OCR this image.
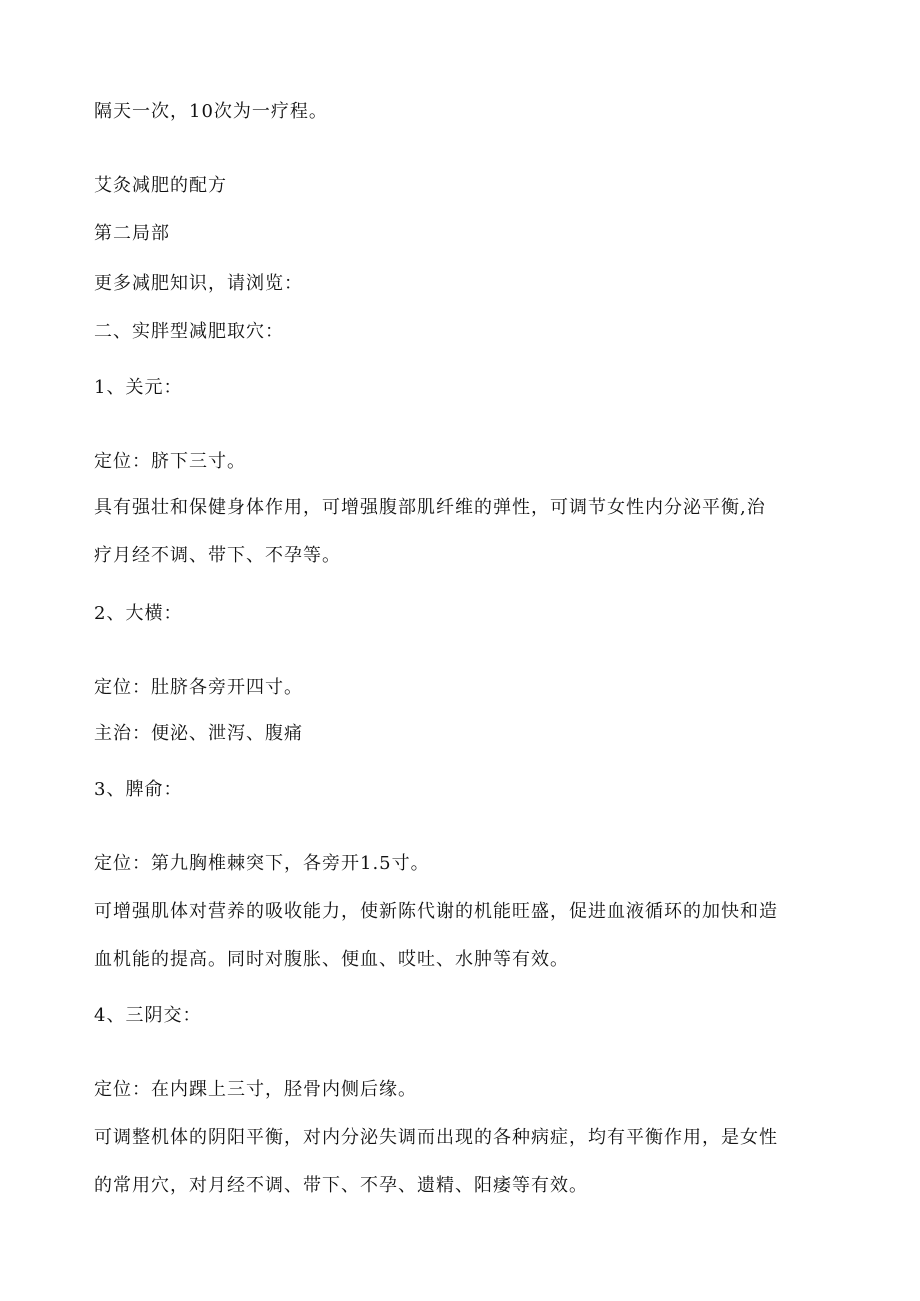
隔天一次，10次为一疗程。
艾灸减肥的配方
第二局部
更多减肥知识，请浏览：
二、实胖型减肥取穴：
1、关元：
定位：脐下三寸。
具有强壮和保健身体作用，可增强腹部肌纤维的弹性，可调节女性内分泌平衡,治
疗月经不调、带下、不孕等。
2、大横：
定位：肚脐各旁开四寸。
主治：便泌、泄泻、腹痛
3、脾俞：
定位：第九胸椎棘突下，各旁开1.5寸。
可增强肌体对营养的吸收能力，使新陈代谢的机能旺盛，促进血液循环的加快和造
血机能的提高。同时对腹胀、便血、哎吐、水肿等有效。
4、三阴交：
定位：在内踝上三寸，胫骨内侧后缘。
可调整机体的阴阳平衡，对内分泌失调而出现的各种病症，均有平衡作用，是女性
的常用穴，对月经不调、带下、不孕、遗精、阳痿等有效。
